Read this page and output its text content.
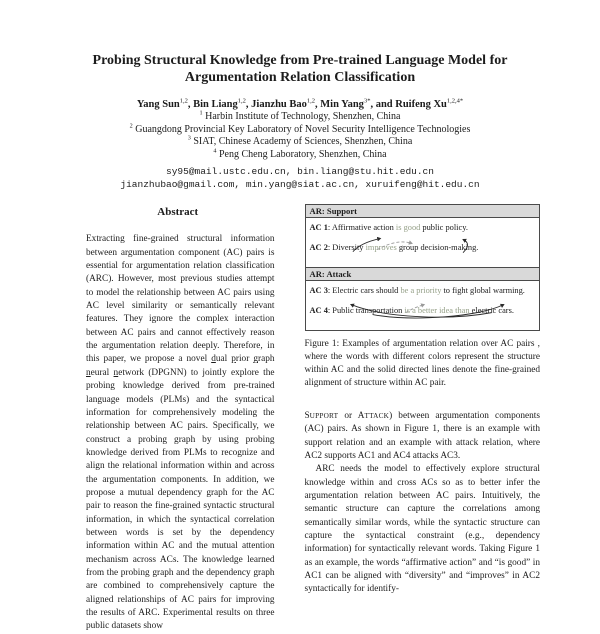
Probing Structural Knowledge from Pre-trained Language Model for Argumentation Relation Classification
Yang Sun$^{1,2}$, Bin Liang$^{1,2}$, Jianzhu Bao$^{1,2}$, Min Yang$^{3*}$, and Ruifeng $Xu^{1,2,4*}$
$^1$ Harbin Institute of Technology, Shenzhen, China
$^2$ Guangdong Provincial Key Laboratory of Novel Security Intelligence Technologies
$^3$ SIAT, Chinese Academy of Sciences, Shenzhen, China
$^4$ Peng Cheng Laboratory, Shenzhen, China
sy95@mail.ustc.edu.cn, bin.liang@stu.hit.edu.cn
jianzhubao@gmail.com, min.yang@siat.ac.cn, xuruifeng@hit.edu.cn
Abstract
Extracting fine-grained structural information between argumentation component (AC) pairs is essential for argumentation relation classification (ARC). However, most previous studies attempt to model the relationship between AC pairs using AC level similarity or semantically relevant features. They ignore the complex interaction between AC pairs and cannot effectively reason the argumentation relation deeply. Therefore, in this paper, we propose a novel dual prior graph neural network (DPGNN) to jointly explore the probing knowledge derived from pre-trained language models (PLMs) and the syntactical information for comprehensively modeling the relationship between AC pairs. Specifically, we construct a probing graph by using probing knowledge derived from PLMs to recognize and align the relational information within and across the argumentation components. In addition, we propose a mutual dependency graph for the AC pair to reason the fine-grained syntactic structural information, in which the syntactical correlation between words is set by the dependency information within AC and the mutual attention mechanism across ACs. The knowledge learned from the probing graph and the dependency graph are combined to comprehensively capture the aligned relationships of AC pairs for improving the results of ARC. Experimental results on three public datasets show
AR: Support
AC 1: Affirmative action is good public policy.
AC 2: Diversity improves group decision-making.
AR: Attack
AC 3: Electric cars should be a priority to fight global warming.
AC 4: Public transportation is a better idea than electric cars.
Figure 1: Examples of argumentation relation over AC pairs , where the words with different colors represent the structure within AC and the solid directed lines denote the fine-grained alignment of structure within AC pair.

SUPPORT or ATTACK) between argumentation components (AC) pairs. As shown in Figure 1, there is an example with support relation and an example with attack relation, where AC2 supports AC1 and AC4 attacks AC3.

ARC needs the model to effectively explore structural knowledge within and cross ACs so as to better infer the argumentation relation between AC pairs. Intuitively, the semantic structure can capture the correlations among semantically similar words, while the syntactic structure can capture the syntactical constraint (e.g., dependency information) for syntactically relevant words. Taking Figure 1 as an example, the words “affirmative action” and “is good” in AC1 can be aligned with “diversity” and “improves” in AC2 syntactically for identify-
